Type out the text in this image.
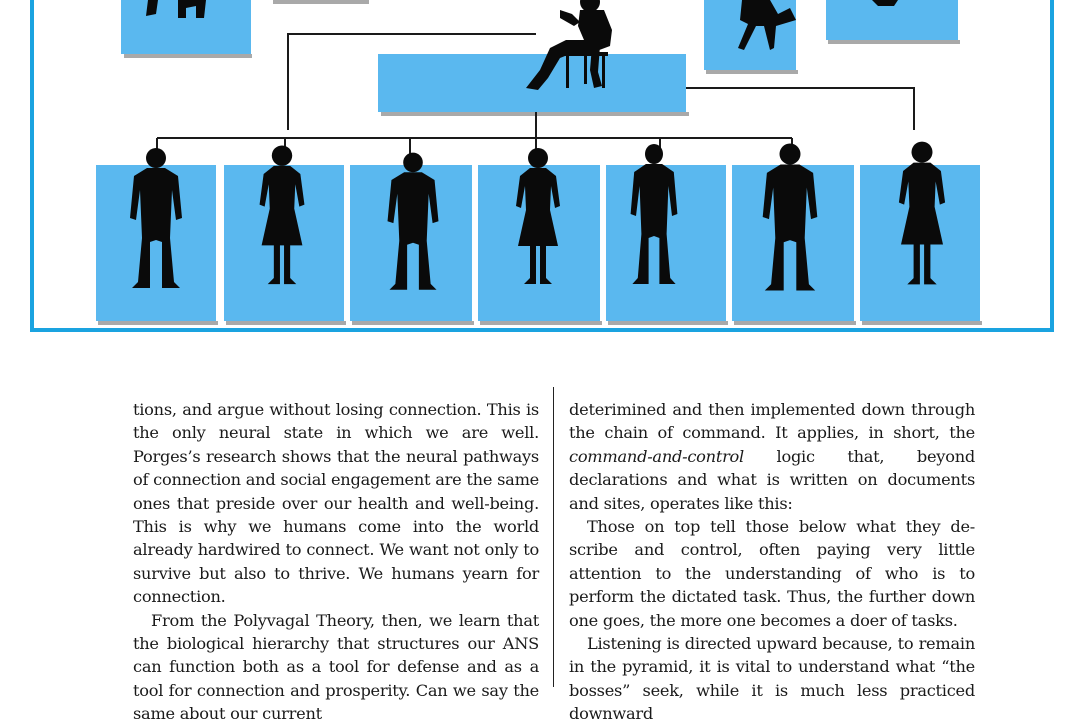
tions, and argue without losing connection. This is the only neural state in which we are well. Porges’s research shows that the neural pathways of connection and social engagement are the same ones that preside over our health and well-being. This is why we humans come into the world already hardwired to connect. We want not only to survive but also to thrive. We humans yearn for connection.

From the Polyvagal Theory, then, we learn that the biological hierarchy that structures our ANS can function both as a tool for defense and as a tool for connection and prosperity. Can we say the same about our current

deterimined and then implemented down through the chain of command. It applies, in short, the command-and-control logic that, beyond declarations and what is written on documents and sites, operates like this:

Those on top tell those below what they de- scribe and control, often paying very little attention to the understanding of who is to perform the dictated task. Thus, the further down one goes, the more one becomes a doer of tasks.

Listening is directed upward because, to remain in the pyramid, it is vital to understand what “the bosses” seek, while it is much less practiced downward
